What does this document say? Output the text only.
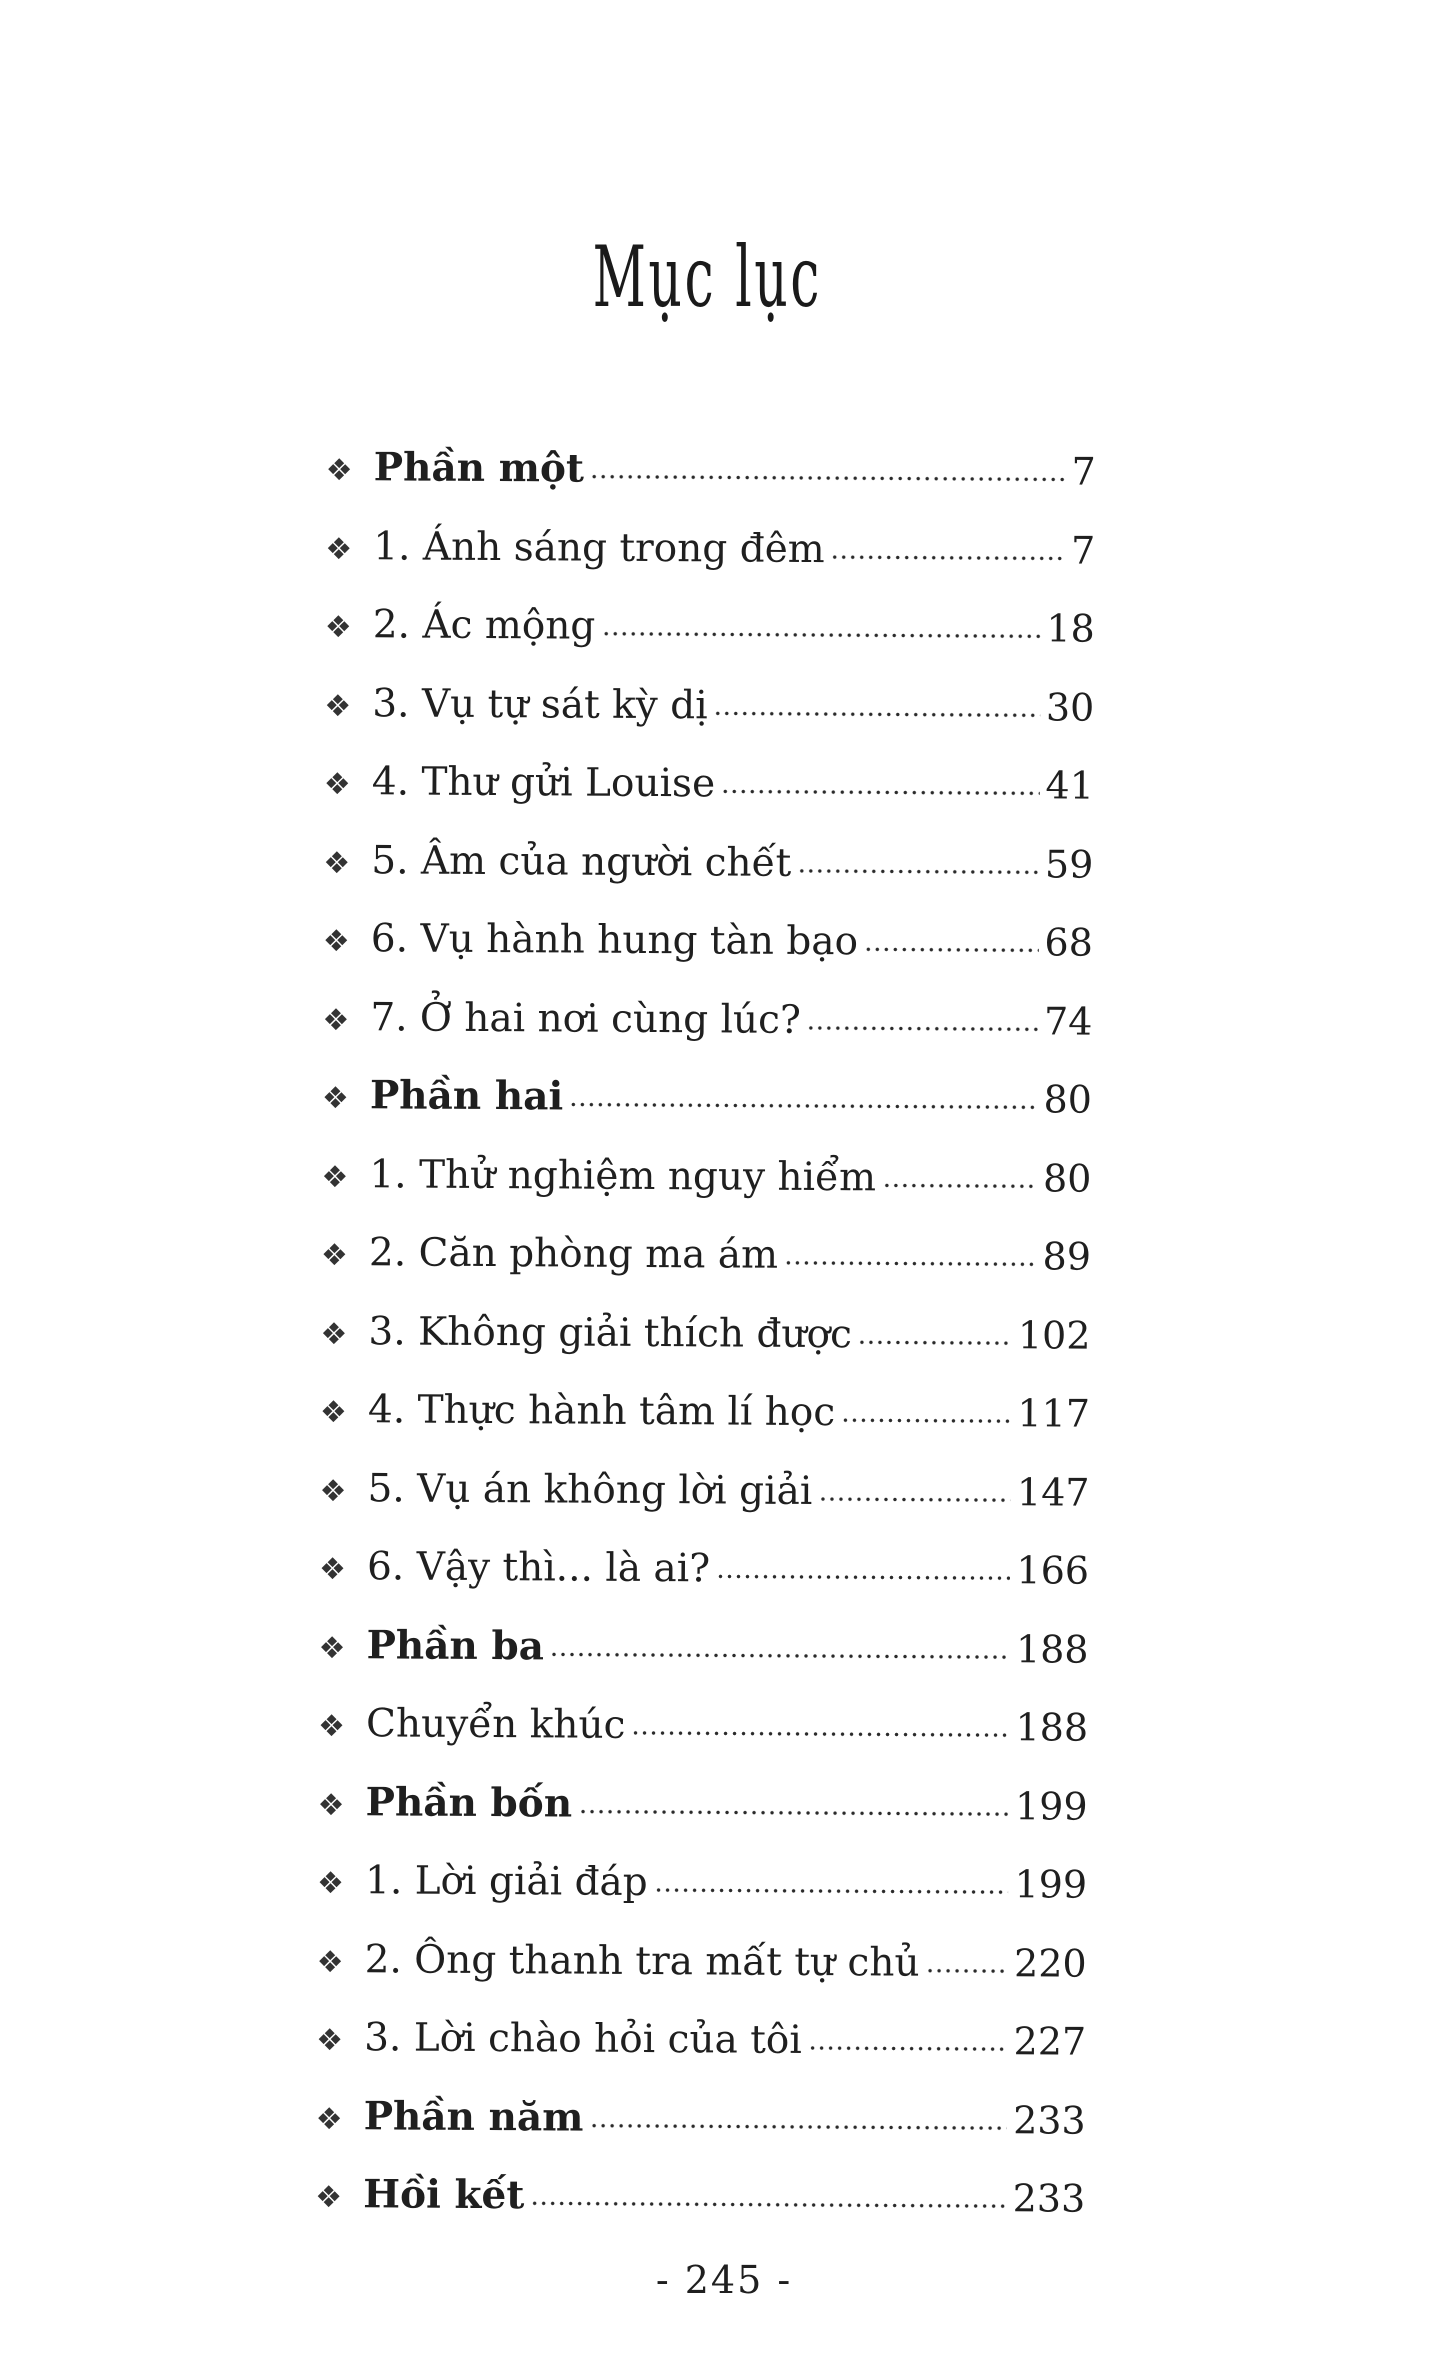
Mục lục
❖ Phần một	7
❖ 1. Ánh sáng trong đêm	7
❖ 2. Ác mộng	18
❖ 3. Vụ tự sát kỳ dị	30
❖ 4. Thư gửi Louise	41
❖ 5. Âm của người chết	59
❖ 6. Vụ hành hung tàn bạo	68
❖ 7. Ở hai nơi cùng lúc?	74
❖ Phần hai	80
❖ 1. Thử nghiệm nguy hiểm	80
❖ 2. Căn phòng ma ám	89
❖ 3. Không giải thích được	102
❖ 4. Thực hành tâm lí học	117
❖ 5. Vụ án không lời giải	147
❖ 6. Vậy thì... là ai?	166
❖ Phần ba	188
❖ Chuyển khúc	188
❖ Phần bốn	199
❖ 1. Lời giải đáp	199
❖ 2. Ông thanh tra mất tự chủ 220
❖ 3. Lời chào hỏi của tôi	227
❖ Phần năm	233
❖ Hồi kết	233
- 245 -
